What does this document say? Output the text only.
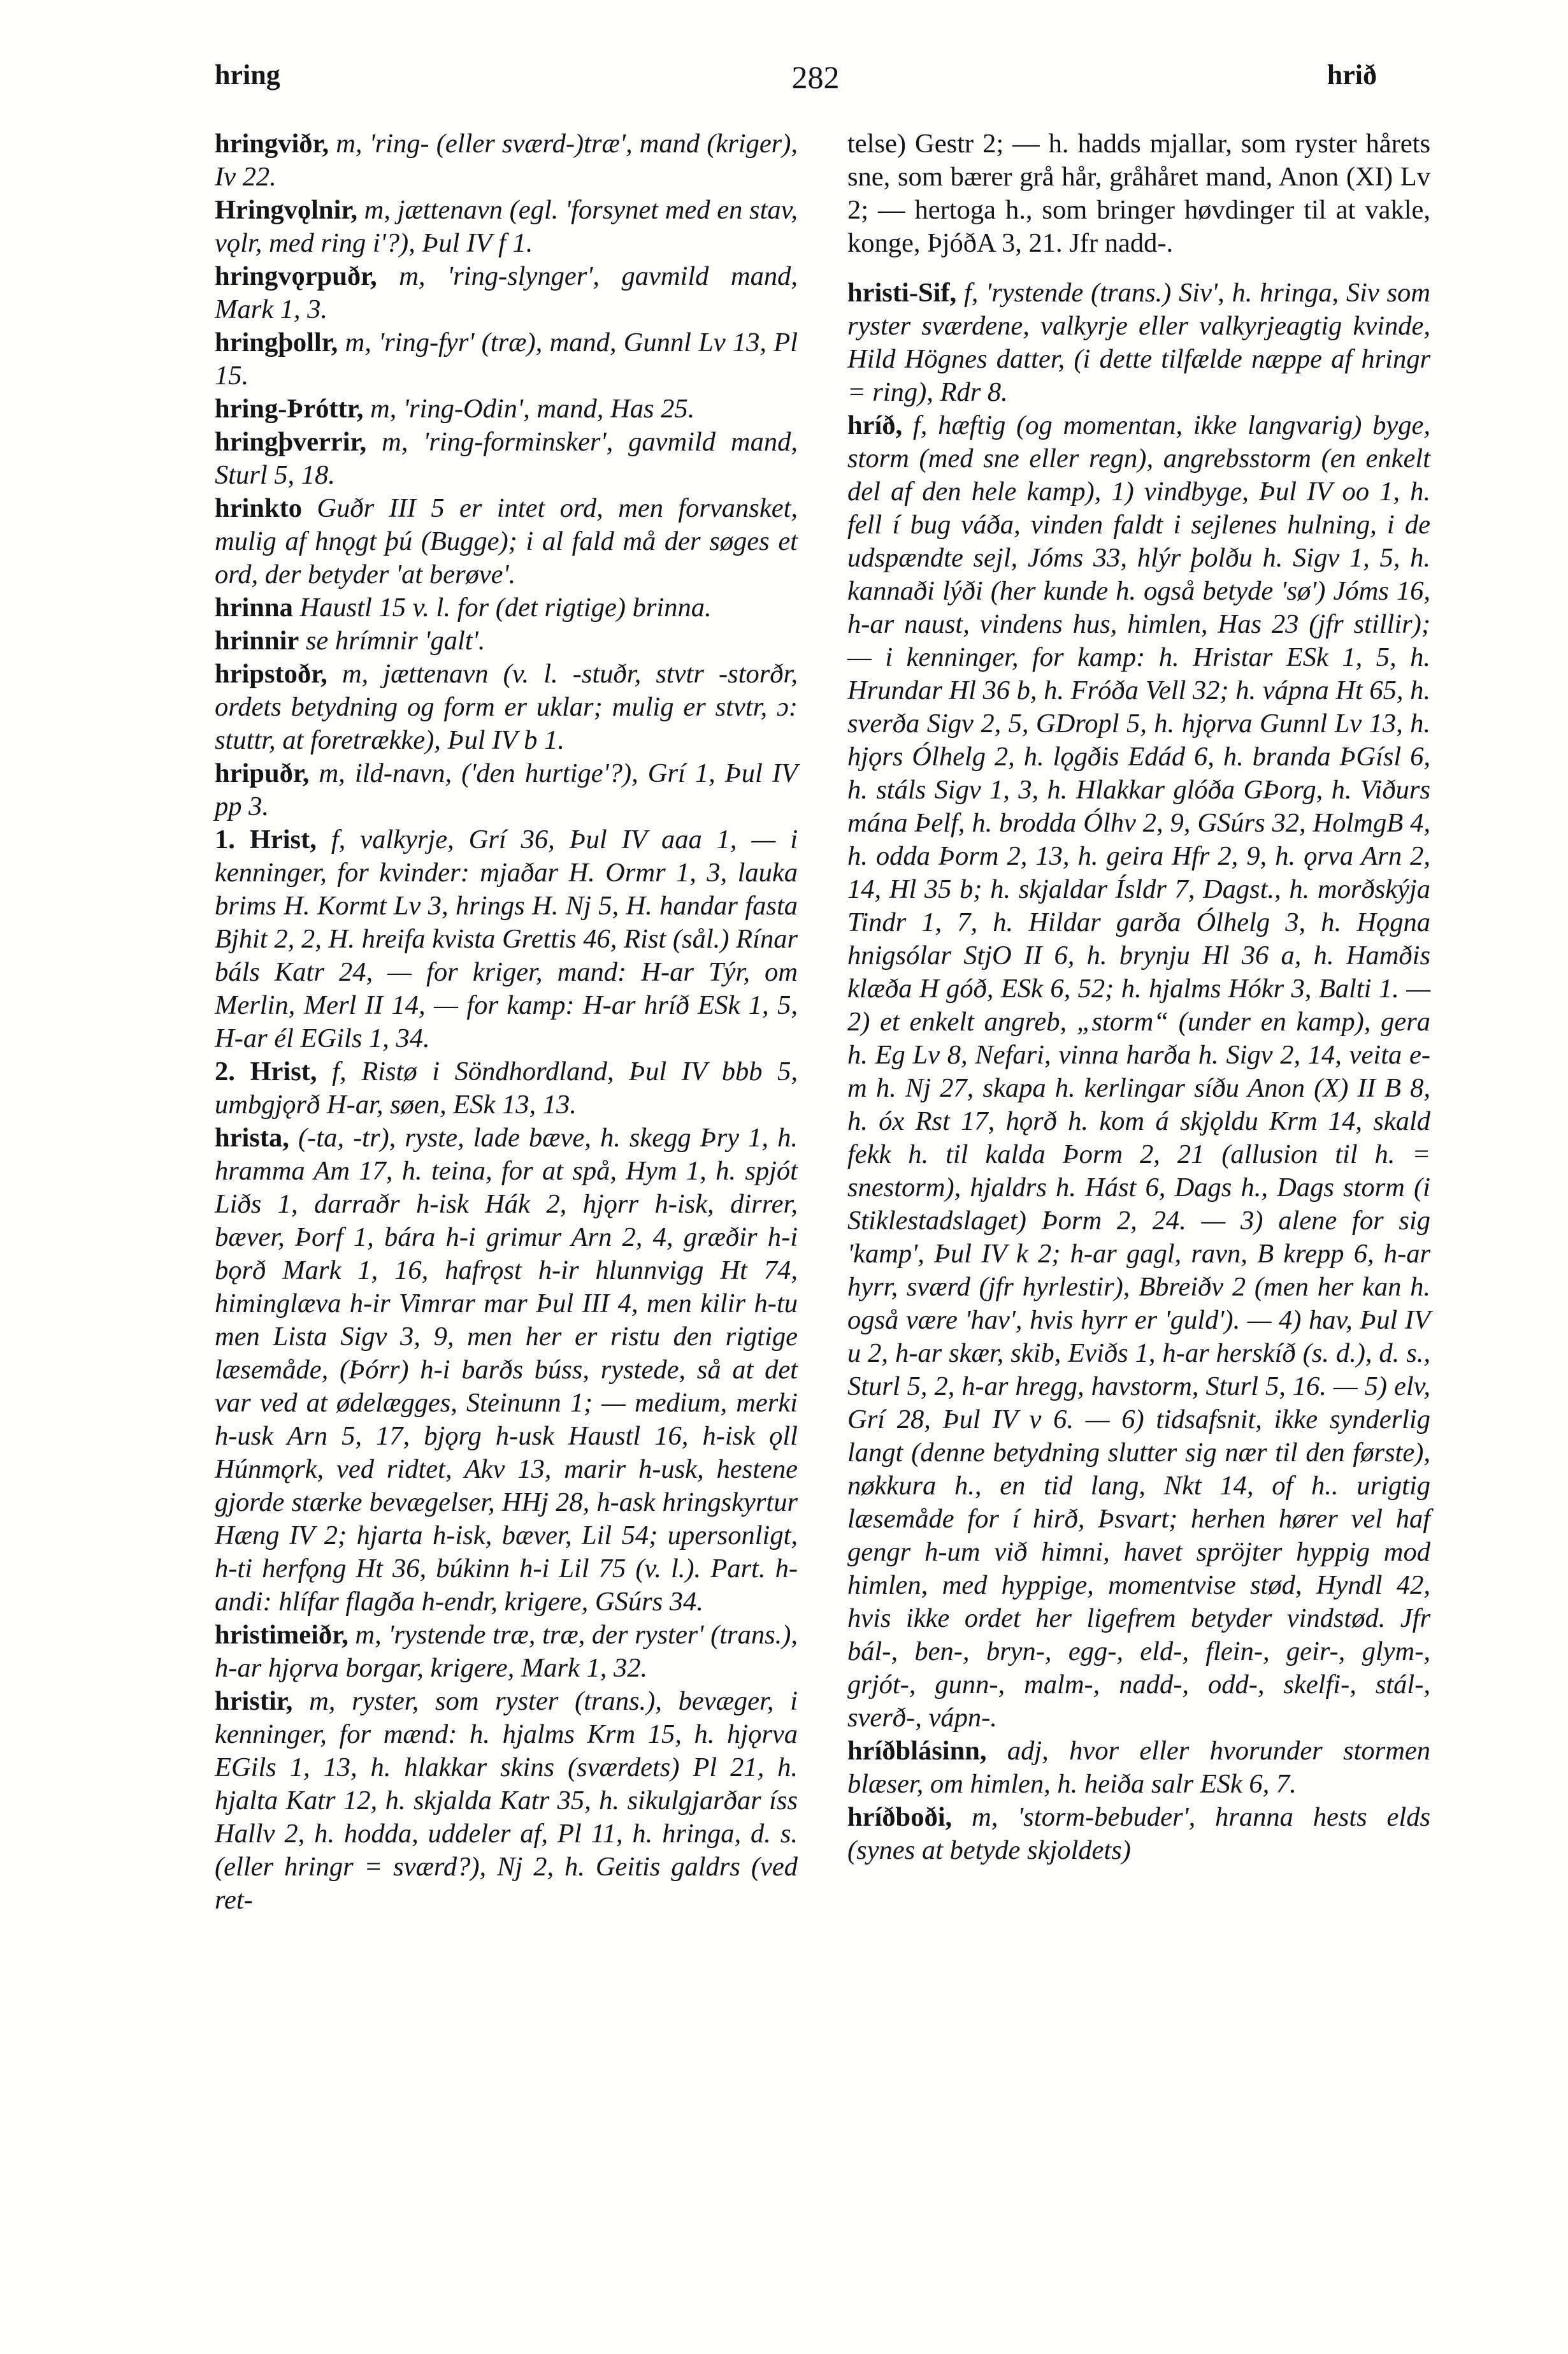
hring	282	hrið

hringviðr, m, 'ring- (eller sværd-)træ', mand (kriger), Iv 22.

Hringvǫlnir, m, jættenavn (egl. 'forsynet med en stav, vǫlr, med ring i'?), Þul IV f 1.

hringvǫrpuðr, m, 'ring-slynger', gavmild mand, Mark 1, 3.

hringþollr, m, 'ring-fyr' (træ), mand, Gunnl Lv 13, Pl 15.

hring-Þróttr, m, 'ring-Odin', mand, Has 25.

hringþverrir, m, 'ring-forminsker', gavmild mand, Sturl 5, 18.

hrinkto Guðr III 5 er intet ord, men forvansket, mulig af hnǫgt þú (Bugge); i al fald må der søges et ord, der betyder 'at berøve'.

hrinna Haustl 15 v. l. for (det rigtige) brinna.

hrinnir se hrímnir 'galt'.

hripstoðr, m, jættenavn (v. l. -stuðr, stvtr -storðr, ordets betydning og form er uklar; mulig er stvtr, ɔ: stuttr, at foretrække), Þul IV b 1.

hripuðr, m, ild-navn, ('den hurtige'?), Grí 1, Þul IV pp 3.

1. Hrist, f, valkyrje, Grí 36, Þul IV aaa 1, — i kenninger, for kvinder: mjaðar H. Ormr 1, 3, lauka brims H. Kormt Lv 3, hrings H. Nj 5, H. handar fasta Bjhit 2, 2, H. hreifa kvista Grettis 46, Rist (sål.) Rínar báls Katr 24, — for kriger, mand: H-ar Týr, om Merlin, Merl II 14, — for kamp: H-ar hríð ESk 1, 5, H-ar él EGils 1, 34.

2. Hrist, f, Ristø i Söndhordland, Þul IV bbb 5, umbgjǫrð H-ar, søen, ESk 13, 13.

hrista, (-ta, -tr), ryste, lade bæve, h. skegg Þry 1, h. hramma Am 17, h. teina, for at spå, Hym 1, h. spjót Liðs 1, darraðr h-isk Hák 2, hjǫrr h-isk, dirrer, bæver, Þorf 1, bára h-i grimur Arn 2, 4, græðir h-i bǫrð Mark 1, 16, hafrǫst h-ir hlunnvigg Ht 74, himinglæva h-ir Vimrar mar Þul III 4, men kilir h-tu men Lista Sigv 3, 9, men her er ristu den rigtige læsemåde, (Þórr) h-i barðs búss, rystede, så at det var ved at ødelægges, Steinunn 1; — medium, merki h-usk Arn 5, 17, bjǫrg h-usk Haustl 16, h-isk ǫll Húnmǫrk, ved ridtet, Akv 13, marir h-usk, hestene gjorde stærke bevægelser, HHj 28, h-ask hringskyrtur Hæng IV 2; hjarta h-isk, bæver, Lil 54; upersonligt, h-ti herfǫng Ht 36, búkinn h-i Lil 75 (v. l.). Part. h-andi: hlífar flagða h-endr, krigere, GSúrs 34.

hristimeiðr, m, 'rystende træ, træ, der ryster' (trans.), h-ar hjǫrva borgar, krigere, Mark 1, 32.

hristir, m, ryster, som ryster (trans.), bevæger, i kenninger, for mænd: h. hjalms Krm 15, h. hjǫrva EGils 1, 13, h. hlakkar skins (sværdets) Pl 21, h. hjalta Katr 12, h. skjalda Katr 35, h. sikulgjarðar íss Hallv 2, h. hodda, uddeler af, Pl 11, h. hringa, d. s. (eller hringr = sværd?), Nj 2, h. Geitis galdrs (ved ret-

telse) Gestr 2; — h. hadds mjallar, som ryster hårets sne, som bærer grå hår, gråhåret mand, Anon (XI) Lv 2; — hertoga h., som bringer høvdinger til at vakle, konge, ÞjóðA 3, 21. Jfr nadd-.

hristi-Sif, f, 'rystende (trans.) Siv', h. hringa, Siv som ryster sværdene, valkyrje eller valkyrjeagtig kvinde, Hild Högnes datter, (i dette tilfælde næppe af hringr = ring), Rdr 8.

hríð, f, hæftig (og momentan, ikke langvarig) byge, storm (med sne eller regn), angrebsstorm (en enkelt del af den hele kamp), 1) vindbyge, Þul IV oo 1, h. fell í bug váða, vinden faldt i sejlenes hulning, i de udspændte sejl, Jóms 33, hlýr þolðu h. Sigv 1, 5, h. kannaði lýði (her kunde h. også betyde 'sø') Jóms 16, h-ar naust, vindens hus, himlen, Has 23 (jfr stillir); — i kenninger, for kamp: h. Hristar ESk 1, 5, h. Hrundar Hl 36 b, h. Fróða Vell 32; h. vápna Ht 65, h. sverða Sigv 2, 5, GDropl 5, h. hjǫrva Gunnl Lv 13, h. hjǫrs Ólhelg 2, h. lǫgðis Edád 6, h. branda ÞGísl 6, h. stáls Sigv 1, 3, h. Hlakkar glóða GÞorg, h. Viðurs mána Þelf, h. brodda Ólhv 2, 9, GSúrs 32, HolmgB 4, h. odda Þorm 2, 13, h. geira Hfr 2, 9, h. ǫrva Arn 2, 14, Hl 35 b; h. skjaldar Ísldr 7, Dagst., h. morðskýja Tindr 1, 7, h. Hildar garða Ólhelg 3, h. Hǫgna hnigsólar StjO II 6, h. brynju Hl 36 a, h. Hamðis klæða H góð, ESk 6, 52; h. hjalms Hókr 3, Balti 1. — 2) et enkelt angreb, „storm“ (under en kamp), gera h. Eg Lv 8, Nefari, vinna harða h. Sigv 2, 14, veita e-m h. Nj 27, skapa h. kerlingar síðu Anon (X) II B 8, h. óx Rst 17, hǫrð h. kom á skjǫldu Krm 14, skald fekk h. til kalda Þorm 2, 21 (allusion til h. = snestorm), hjaldrs h. Hást 6, Dags h., Dags storm (i Stiklestadslaget) Þorm 2, 24. — 3) alene for sig 'kamp', Þul IV k 2; h-ar gagl, ravn, B krepp 6, h-ar hyrr, sværd (jfr hyrlestir), Bbreiðv 2 (men her kan h. også være 'hav', hvis hyrr er 'guld'). — 4) hav, Þul IV u 2, h-ar skær, skib, Eviðs 1, h-ar herskíð (s. d.), d. s., Sturl 5, 2, h-ar hregg, havstorm, Sturl 5, 16. — 5) elv, Grí 28, Þul IV v 6. — 6) tidsafsnit, ikke synderlig langt (denne betydning slutter sig nær til den første), nøkkura h., en tid lang, Nkt 14, of h.. urigtig læsemåde for í hirð, Þsvart; herhen hører vel haf gengr h-um við himni, havet spröjter hyppig mod himlen, med hyppige, momentvise stød, Hyndl 42, hvis ikke ordet her ligefrem betyder vindstød. Jfr bál-, ben-, bryn-, egg-, eld-, flein-, geir-, glym-, grjót-, gunn-, malm-, nadd-, odd-, skelfi-, stál-, sverð-, vápn-.

hríðblásinn, adj, hvor eller hvorunder stormen blæser, om himlen, h. heiða salr ESk 6, 7.

hríðboði, m, 'storm-bebuder', hranna hests elds (synes at betyde skjoldets)
